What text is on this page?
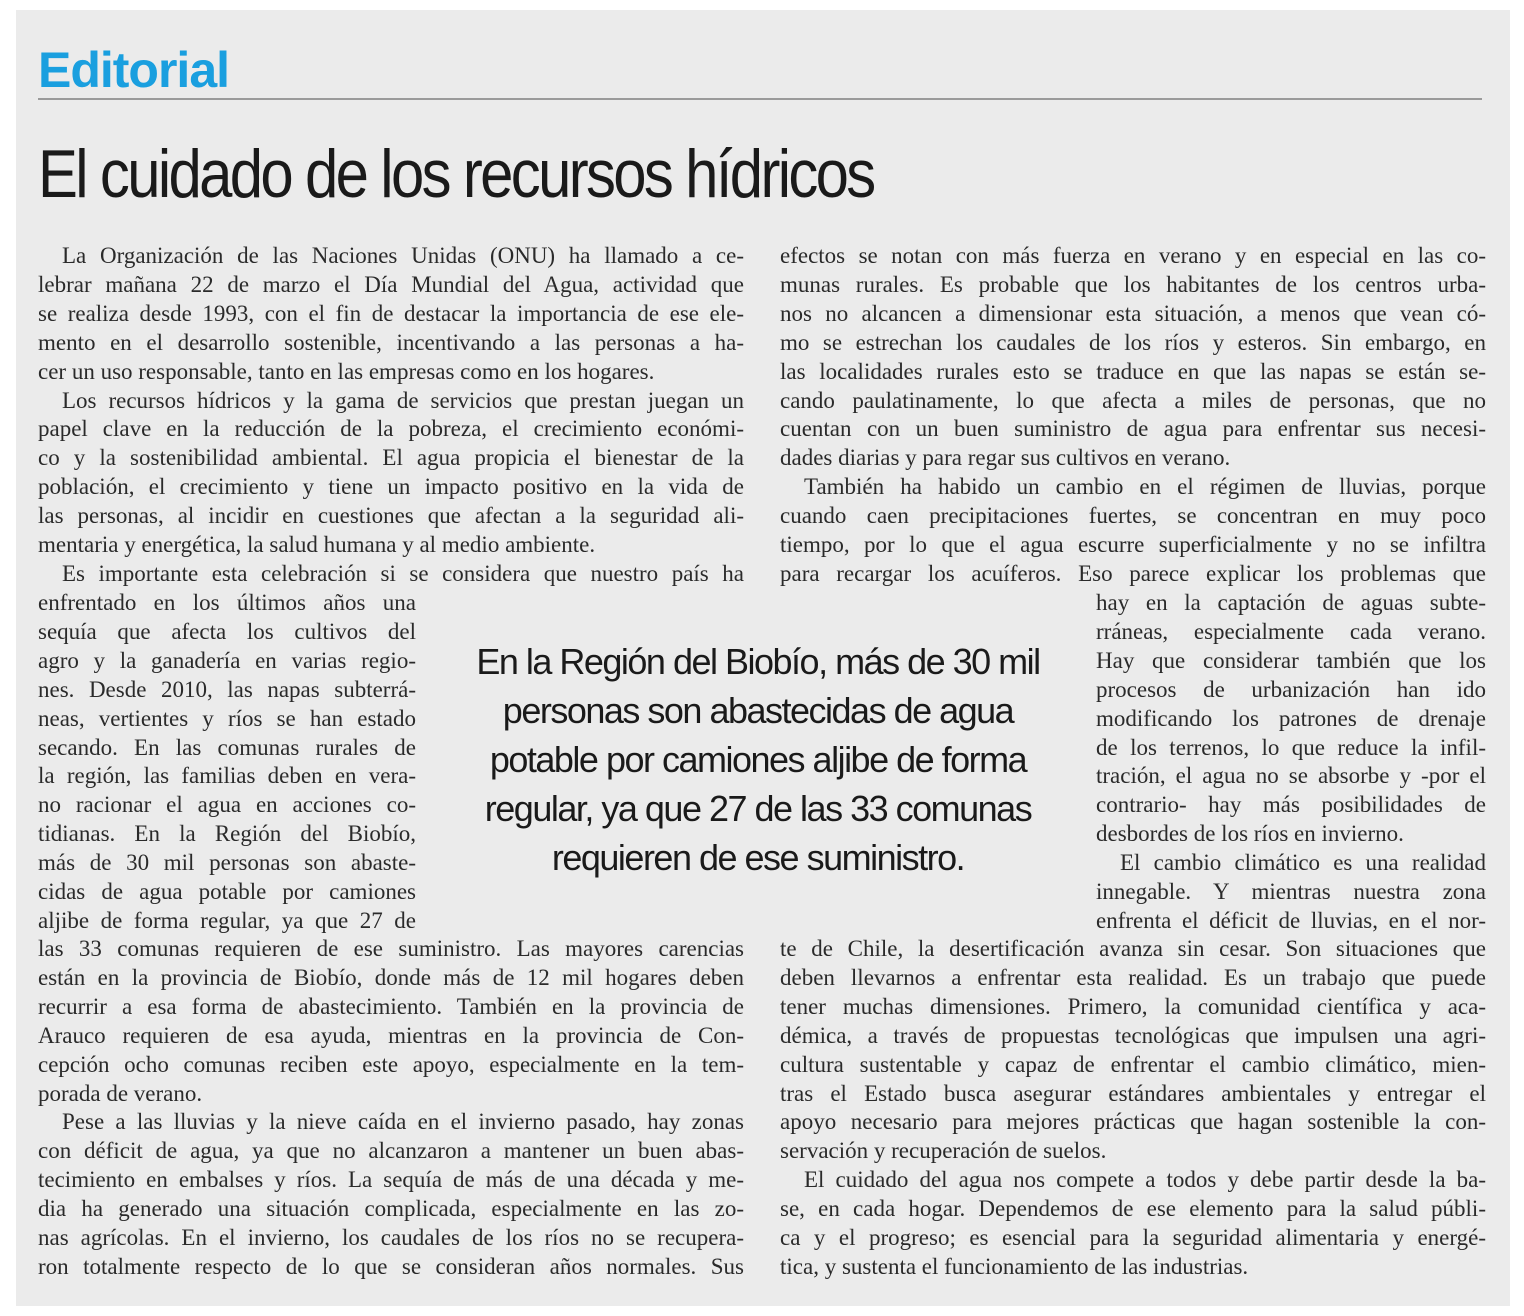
Editorial
El cuidado de los recursos hídricos
La Organización de las Naciones Unidas (ONU) ha llamado a ce-
lebrar mañana 22 de marzo el Día Mundial del Agua, actividad que
se realiza desde 1993, con el fin de destacar la importancia de ese ele-
mento en el desarrollo sostenible, incentivando a las personas a ha-
cer un uso responsable, tanto en las empresas como en los hogares.
Los recursos hídricos y la gama de servicios que prestan juegan un
papel clave en la reducción de la pobreza, el crecimiento económi-
co y la sostenibilidad ambiental. El agua propicia el bienestar de la
población, el crecimiento y tiene un impacto positivo en la vida de
las personas, al incidir en cuestiones que afectan a la seguridad ali-
mentaria y energética, la salud humana y al medio ambiente.
Es importante esta celebración si se considera que nuestro país ha
enfrentado en los últimos años una
sequía que afecta los cultivos del
agro y la ganadería en varias regio-
nes. Desde 2010, las napas subterrá-
neas, vertientes y ríos se han estado
secando. En las comunas rurales de
la región, las familias deben en vera-
no racionar el agua en acciones co-
tidianas. En la Región del Biobío,
más de 30 mil personas son abaste-
cidas de agua potable por camiones
aljibe de forma regular, ya que 27 de
las 33 comunas requieren de ese suministro. Las mayores carencias
están en la provincia de Biobío, donde más de 12 mil hogares deben
recurrir a esa forma de abastecimiento. También en la provincia de
Arauco requieren de esa ayuda, mientras en la provincia de Con-
cepción ocho comunas reciben este apoyo, especialmente en la tem-
porada de verano.
Pese a las lluvias y la nieve caída en el invierno pasado, hay zonas
con déficit de agua, ya que no alcanzaron a mantener un buen abas-
tecimiento en embalses y ríos. La sequía de más de una década y me-
dia ha generado una situación complicada, especialmente en las zo-
nas agrícolas. En el invierno, los caudales de los ríos no se recupera-
ron totalmente respecto de lo que se consideran años normales. Sus
efectos se notan con más fuerza en verano y en especial en las co-
munas rurales. Es probable que los habitantes de los centros urba-
nos no alcancen a dimensionar esta situación, a menos que vean có-
mo se estrechan los caudales de los ríos y esteros. Sin embargo, en
las localidades rurales esto se traduce en que las napas se están se-
cando paulatinamente, lo que afecta a miles de personas, que no
cuentan con un buen suministro de agua para enfrentar sus necesi-
dades diarias y para regar sus cultivos en verano.
También ha habido un cambio en el régimen de lluvias, porque
cuando caen precipitaciones fuertes, se concentran en muy poco
tiempo, por lo que el agua escurre superficialmente y no se infiltra
para recargar los acuíferos. Eso parece explicar los problemas que
hay en la captación de aguas subte-
rráneas, especialmente cada verano.
Hay que considerar también que los
procesos de urbanización han ido
modificando los patrones de drenaje
de los terrenos, lo que reduce la infil-
tración, el agua no se absorbe y -por el
contrario- hay más posibilidades de
desbordes de los ríos en invierno.
El cambio climático es una realidad
innegable. Y mientras nuestra zona
enfrenta el déficit de lluvias, en el nor-
te de Chile, la desertificación avanza sin cesar. Son situaciones que
deben llevarnos a enfrentar esta realidad. Es un trabajo que puede
tener muchas dimensiones. Primero, la comunidad científica y aca-
démica, a través de propuestas tecnológicas que impulsen una agri-
cultura sustentable y capaz de enfrentar el cambio climático, mien-
tras el Estado busca asegurar estándares ambientales y entregar el
apoyo necesario para mejores prácticas que hagan sostenible la con-
servación y recuperación de suelos.
El cuidado del agua nos compete a todos y debe partir desde la ba-
se, en cada hogar. Dependemos de ese elemento para la salud públi-
ca y el progreso; es esencial para la seguridad alimentaria y energé-
tica, y sustenta el funcionamiento de las industrias.

En la Región del Biobío, más de 30 mil personas son abastecidas de agua potable por camiones aljibe de forma regular, ya que 27 de las 33 comunas requieren de ese suministro.
